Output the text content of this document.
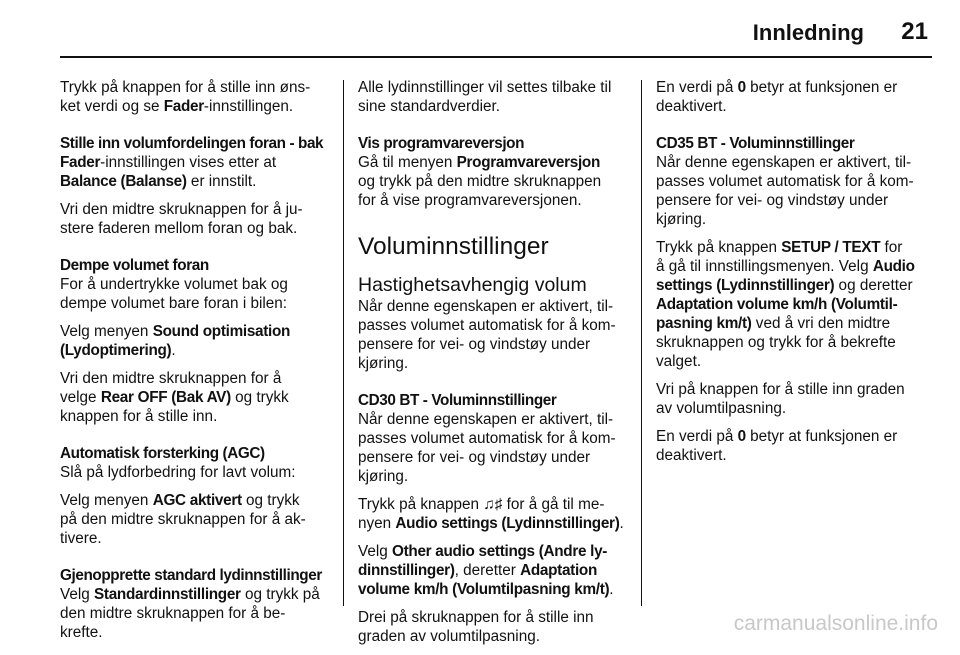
Innledning 21

Trykk på knappen for å stille inn øns-
ket verdi og se Fader-innstillingen.

Stille inn volumfordelingen foran - bak

Fader-innstillingen vises etter at
Balance (Balanse) er innstilt.

Vri den midtre skruknappen for å ju-
stere faderen mellom foran og bak.

Dempe volumet foran

For å undertrykke volumet bak og
dempe volumet bare foran i bilen:

Velg menyen Sound optimisation
(Lydoptimering).

Vri den midtre skruknappen for å
velge Rear OFF (Bak AV) og trykk
knappen for å stille inn.

Automatisk forsterking (AGC)

Slå på lydforbedring for lavt volum:

Velg menyen AGC aktivert og trykk
på den midtre skruknappen for å ak-
tivere.

Gjenopprette standard lydinnstillinger

Velg Standardinnstillinger og trykk på
den midtre skruknappen for å be-
krefte.

Alle lydinnstillinger vil settes tilbake til
sine standardverdier.

Vis programvareversjon

Gå til menyen Programvareversjon
og trykk på den midtre skruknappen
for å vise programvareversjonen.

Voluminnstillinger
Hastighetsavhengig volum

Når denne egenskapen er aktivert, til-
passes volumet automatisk for å kom-
pensere for vei- og vindstøy under
kjøring.

CD30 BT - Voluminnstillinger

Når denne egenskapen er aktivert, til-
passes volumet automatisk for å kom-
pensere for vei- og vindstøy under
kjøring.

Trykk på knappen ♫♯ for å gå til me-
nyen Audio settings (Lydinnstillinger).

Velg Other audio settings (Andre ly-
dinnstillinger), deretter Adaptation
volume km/h (Volumtilpasning km/t).

Drei på skruknappen for å stille inn
graden av volumtilpasning.

En verdi på 0 betyr at funksjonen er
deaktivert.

CD35 BT - Voluminnstillinger

Når denne egenskapen er aktivert, til-
passes volumet automatisk for å kom-
pensere for vei- og vindstøy under
kjøring.

Trykk på knappen SETUP / TEXT for
å gå til innstillingsmenyen. Velg Audio
settings (Lydinnstillinger) og deretter
Adaptation volume km/h (Volumtil-
pasning km/t) ved å vri den midtre
skruknappen og trykk for å bekrefte
valget.

Vri på knappen for å stille inn graden
av volumtilpasning.

En verdi på 0 betyr at funksjonen er
deaktivert.

carmanualsonline.info
